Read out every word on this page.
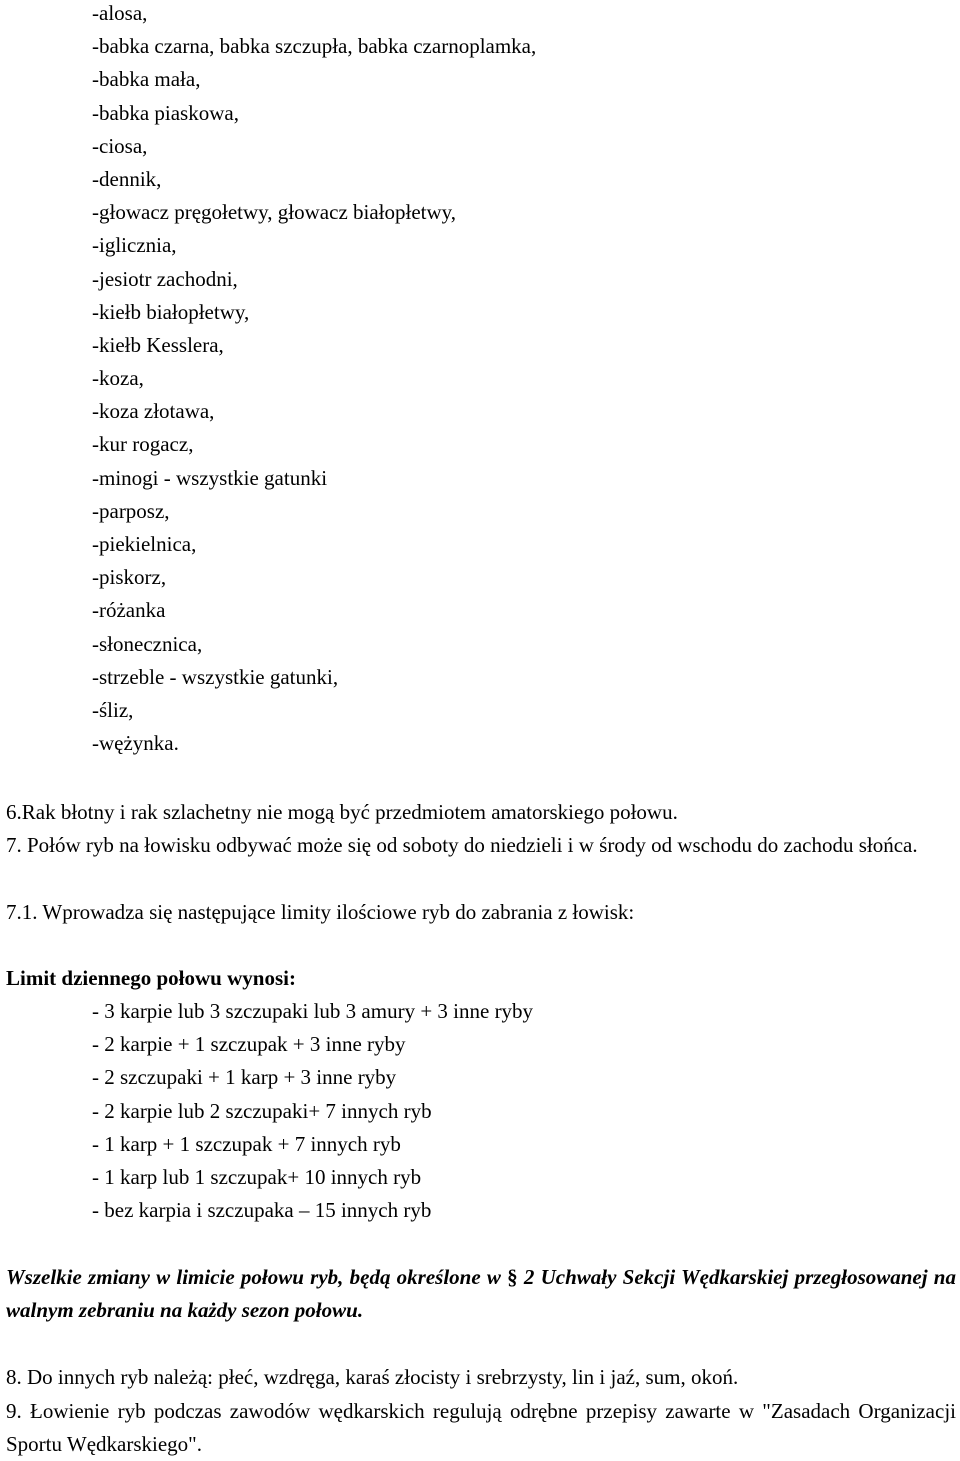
-alosa,
-babka czarna, babka szczupła, babka czarnoplamka,
-babka mała,
-babka piaskowa,
-ciosa,
-dennik,
-głowacz pręgołetwy, głowacz białopłetwy,
-iglicznia,
-jesiotr zachodni,
-kiełb białopłetwy,
-kiełb Kesslera,
-koza,
-koza złotawa,
-kur rogacz,
-minogi - wszystkie gatunki
-parposz,
-piekielnica,
-piskorz,
-różanka
-słonecznica,
-strzeble - wszystkie gatunki,
-śliz,
-wężynka.

6.Rak błotny i rak szlachetny nie mogą być przedmiotem amatorskiego połowu.

7. Połów ryb na łowisku odbywać może się od soboty do niedzieli i w środy od wschodu do zachodu słońca.

7.1. Wprowadza się następujące limity ilościowe ryb do zabrania z łowisk:

Limit dziennego połowu wynosi:

- 3 karpie lub 3 szczupaki lub 3 amury + 3 inne ryby
- 2 karpie + 1 szczupak + 3 inne ryby
- 2 szczupaki + 1 karp + 3 inne ryby
- 2 karpie lub 2 szczupaki+ 7 innych ryb
- 1 karp + 1 szczupak + 7 innych ryb
- 1 karp lub 1 szczupak+ 10 innych ryb
- bez karpia i szczupaka – 15 innych ryb

Wszelkie zmiany w limicie połowu ryb, będą określone w § 2 Uchwały Sekcji Wędkarskiej przegłosowanej na walnym zebraniu na każdy sezon połowu.

8. Do innych ryb należą: płeć, wzdręga, karaś złocisty i srebrzysty, lin i jaź, sum, okoń.

9. Łowienie ryb podczas zawodów wędkarskich regulują odrębne przepisy zawarte w "Zasadach Organizacji Sportu Wędkarskiego".
